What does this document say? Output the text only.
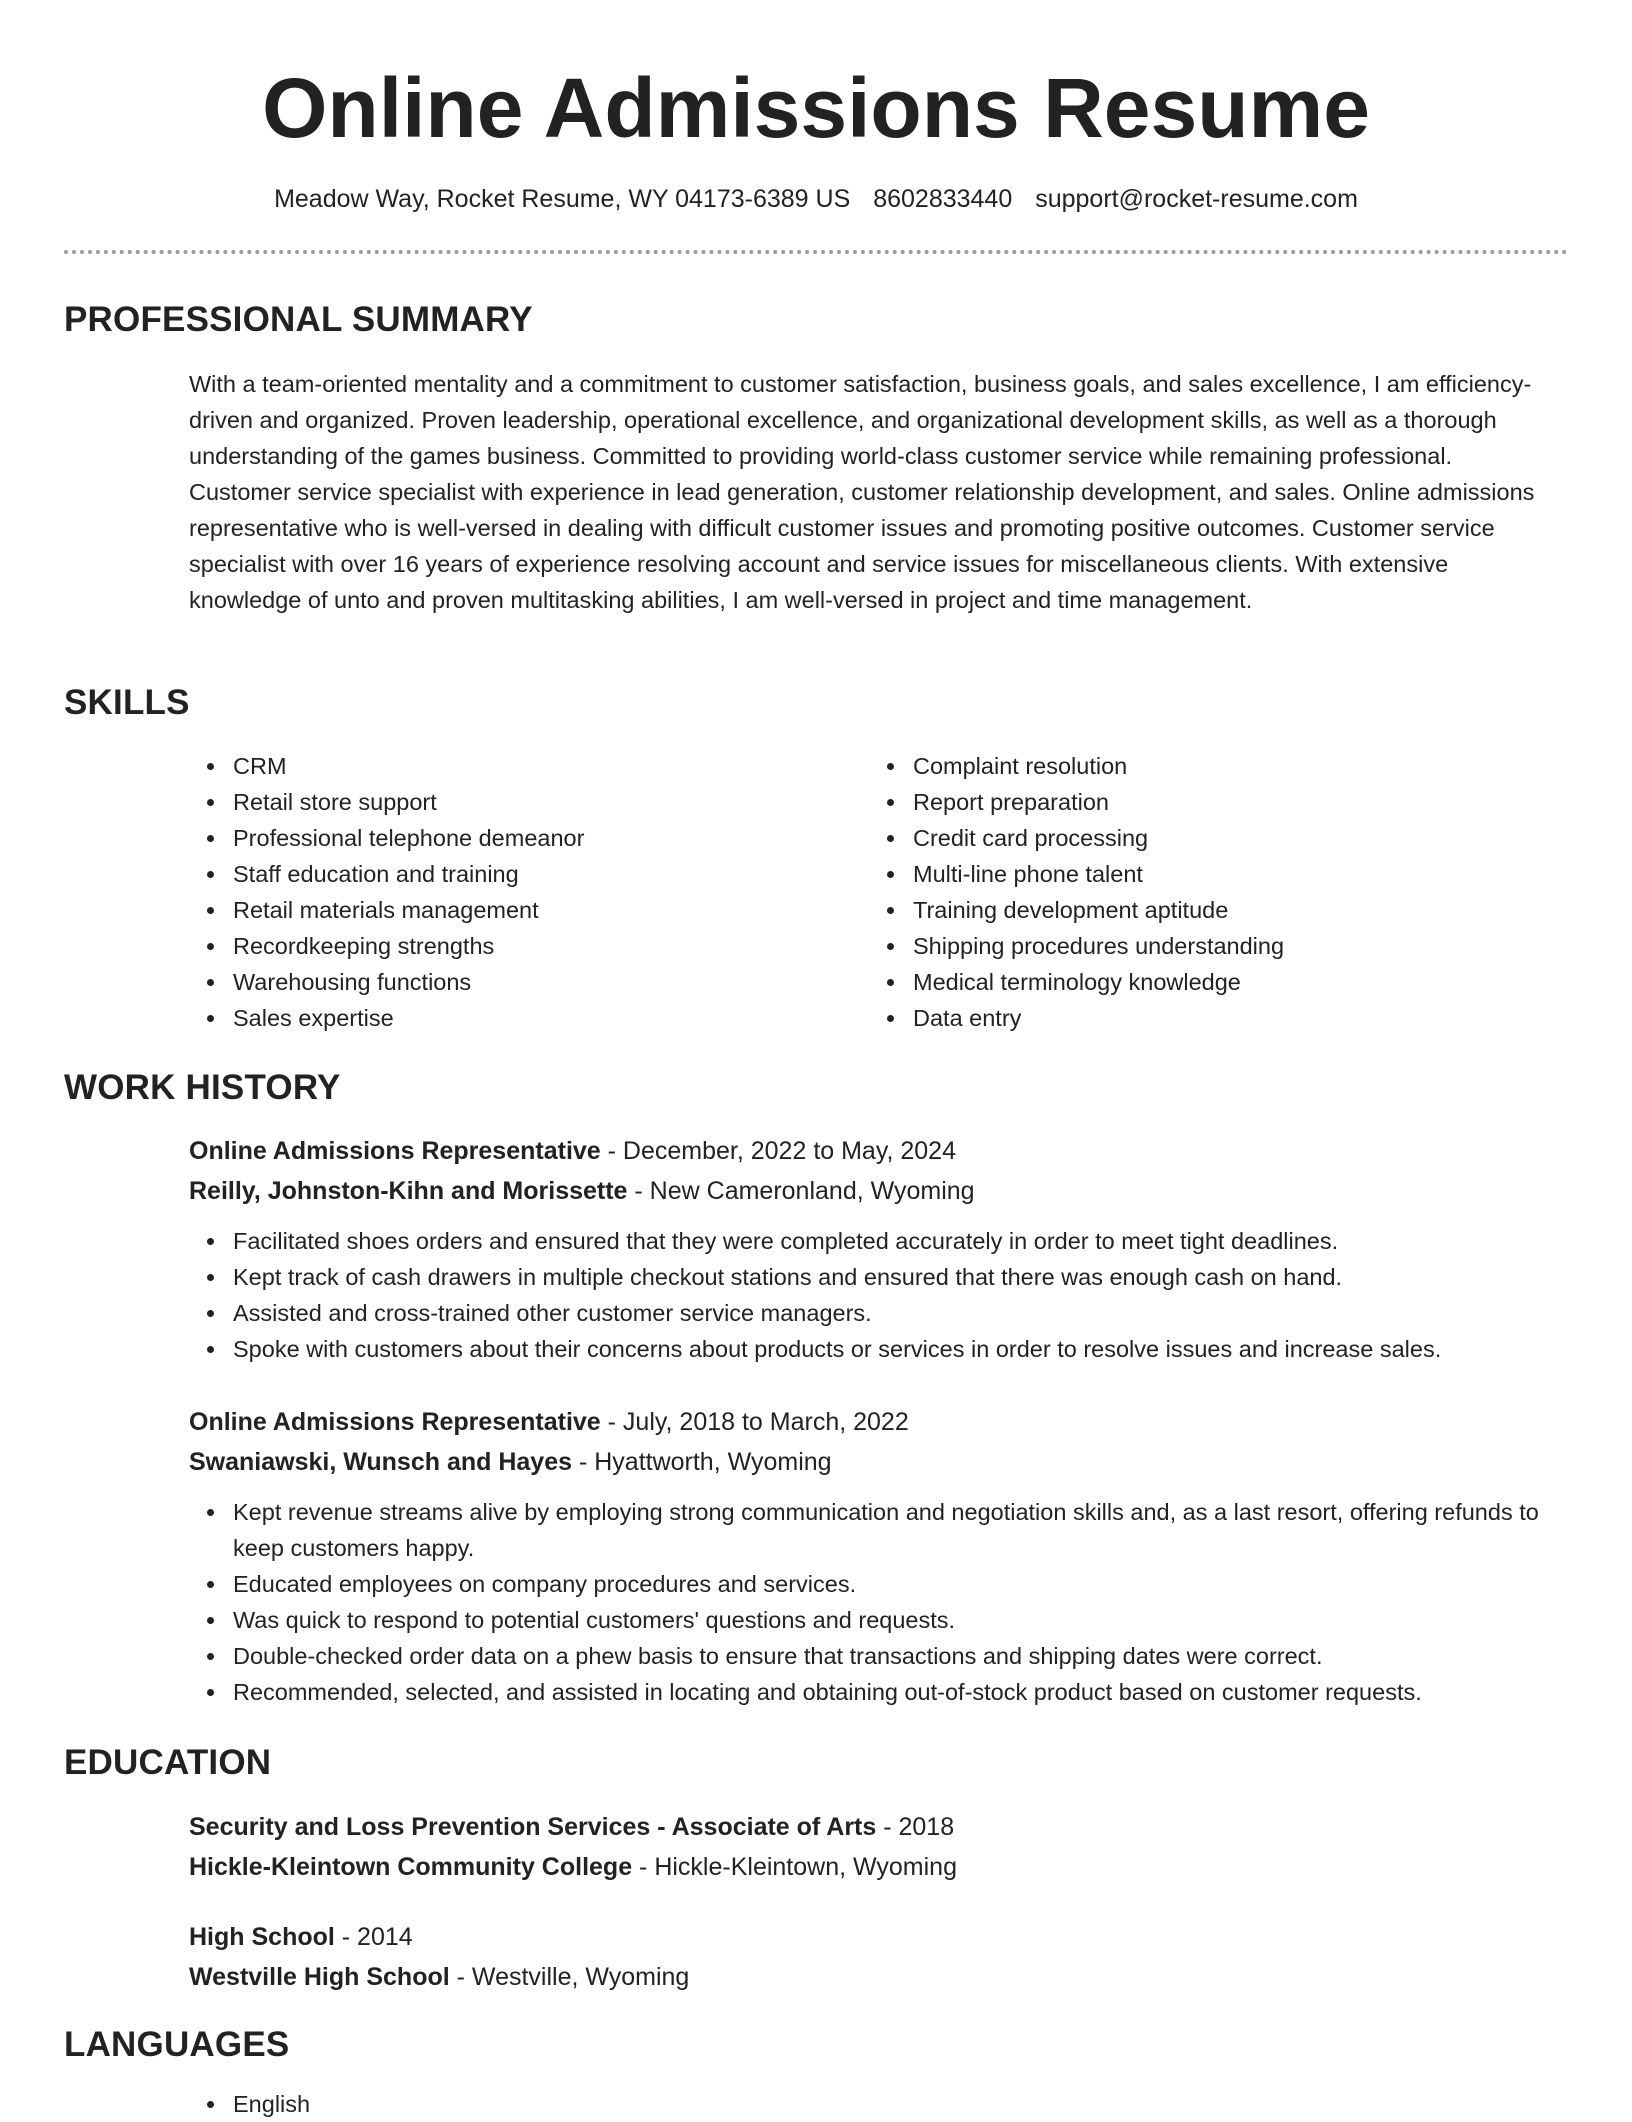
Online Admissions Resume
Meadow Way, Rocket Resume, WY 04173-6389 US 8602833440 support@rocket-resume.com
PROFESSIONAL SUMMARY

With a team-oriented mentality and a commitment to customer satisfaction, business goals, and sales excellence, I am efficiency-driven and organized. Proven leadership, operational excellence, and organizational development skills, as well as a thorough understanding of the games business. Committed to providing world-class customer service while remaining professional. Customer service specialist with experience in lead generation, customer relationship development, and sales. Online admissions representative who is well-versed in dealing with difficult customer issues and promoting positive outcomes. Customer service specialist with over 16 years of experience resolving account and service issues for miscellaneous clients. With extensive knowledge of unto and proven multitasking abilities, I am well-versed in project and time management.

SKILLS
CRM
Retail store support
Professional telephone demeanor
Staff education and training
Retail materials management
Recordkeeping strengths
Warehousing functions
Sales expertise
Complaint resolution
Report preparation
Credit card processing
Multi-line phone talent
Training development aptitude
Shipping procedures understanding
Medical terminology knowledge
Data entry
WORK HISTORY
Online Admissions Representative - December, 2022 to May, 2024
Reilly, Johnston-Kihn and Morissette - New Cameronland, Wyoming
Facilitated shoes orders and ensured that they were completed accurately in order to meet tight deadlines.
Kept track of cash drawers in multiple checkout stations and ensured that there was enough cash on hand.
Assisted and cross-trained other customer service managers.
Spoke with customers about their concerns about products or services in order to resolve issues and increase sales.
Online Admissions Representative - July, 2018 to March, 2022
Swaniawski, Wunsch and Hayes - Hyattworth, Wyoming
Kept revenue streams alive by employing strong communication and negotiation skills and, as a last resort, offering refunds to keep customers happy.
Educated employees on company procedures and services.
Was quick to respond to potential customers' questions and requests.
Double-checked order data on a phew basis to ensure that transactions and shipping dates were correct.
Recommended, selected, and assisted in locating and obtaining out-of-stock product based on customer requests.
EDUCATION
Security and Loss Prevention Services - Associate of Arts - 2018
Hickle-Kleintown Community College - Hickle-Kleintown, Wyoming
High School - 2014
Westville High School - Westville, Wyoming
LANGUAGES
English
